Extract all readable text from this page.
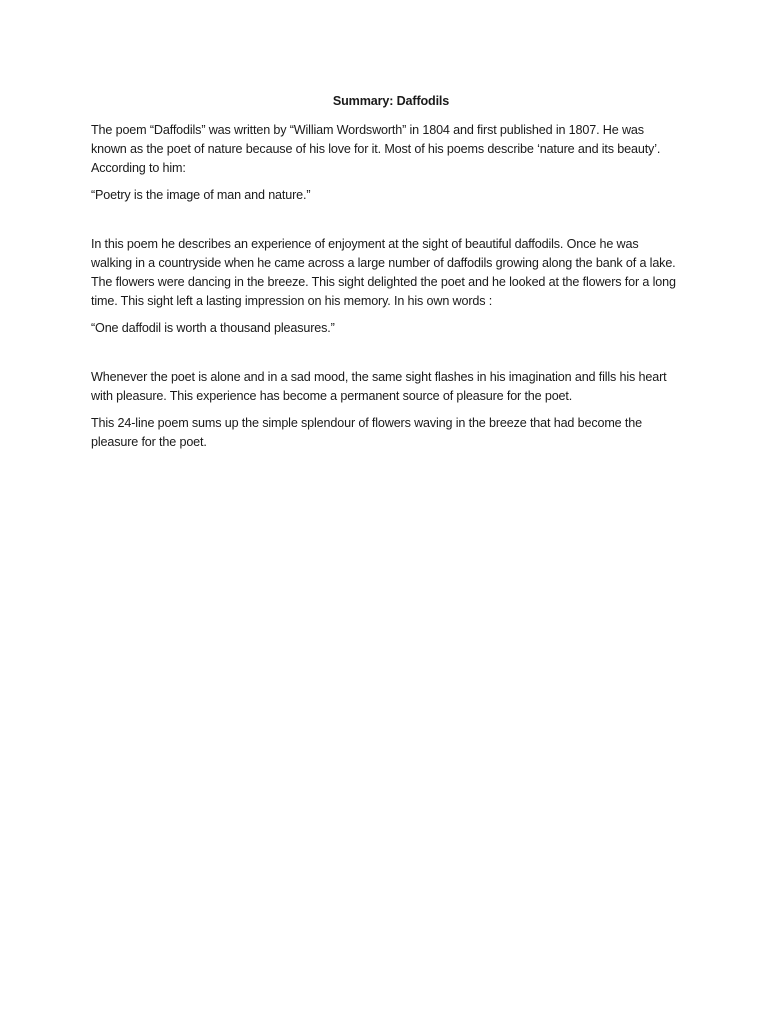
Summary: Daffodils

The poem “Daffodils” was written by “William Wordsworth” in 1804 and first published in 1807. He was known as the poet of nature because of his love for it. Most of his poems describe ‘nature and its beauty’. According to him:

“Poetry is the image of man and nature.”

In this poem he describes an experience of enjoyment at the sight of beautiful daffodils. Once he was walking in a countryside when he came across a large number of daffodils growing along the bank of a lake. The flowers were dancing in the breeze. This sight delighted the poet and he looked at the flowers for a long time. This sight left a lasting impression on his memory. In his own words :

“One daffodil is worth a thousand pleasures.”

Whenever the poet is alone and in a sad mood, the same sight flashes in his imagination and fills his heart with pleasure. This experience has become a permanent source of pleasure for the poet.

This 24-line poem sums up the simple splendour of flowers waving in the breeze that had become the pleasure for the poet.
